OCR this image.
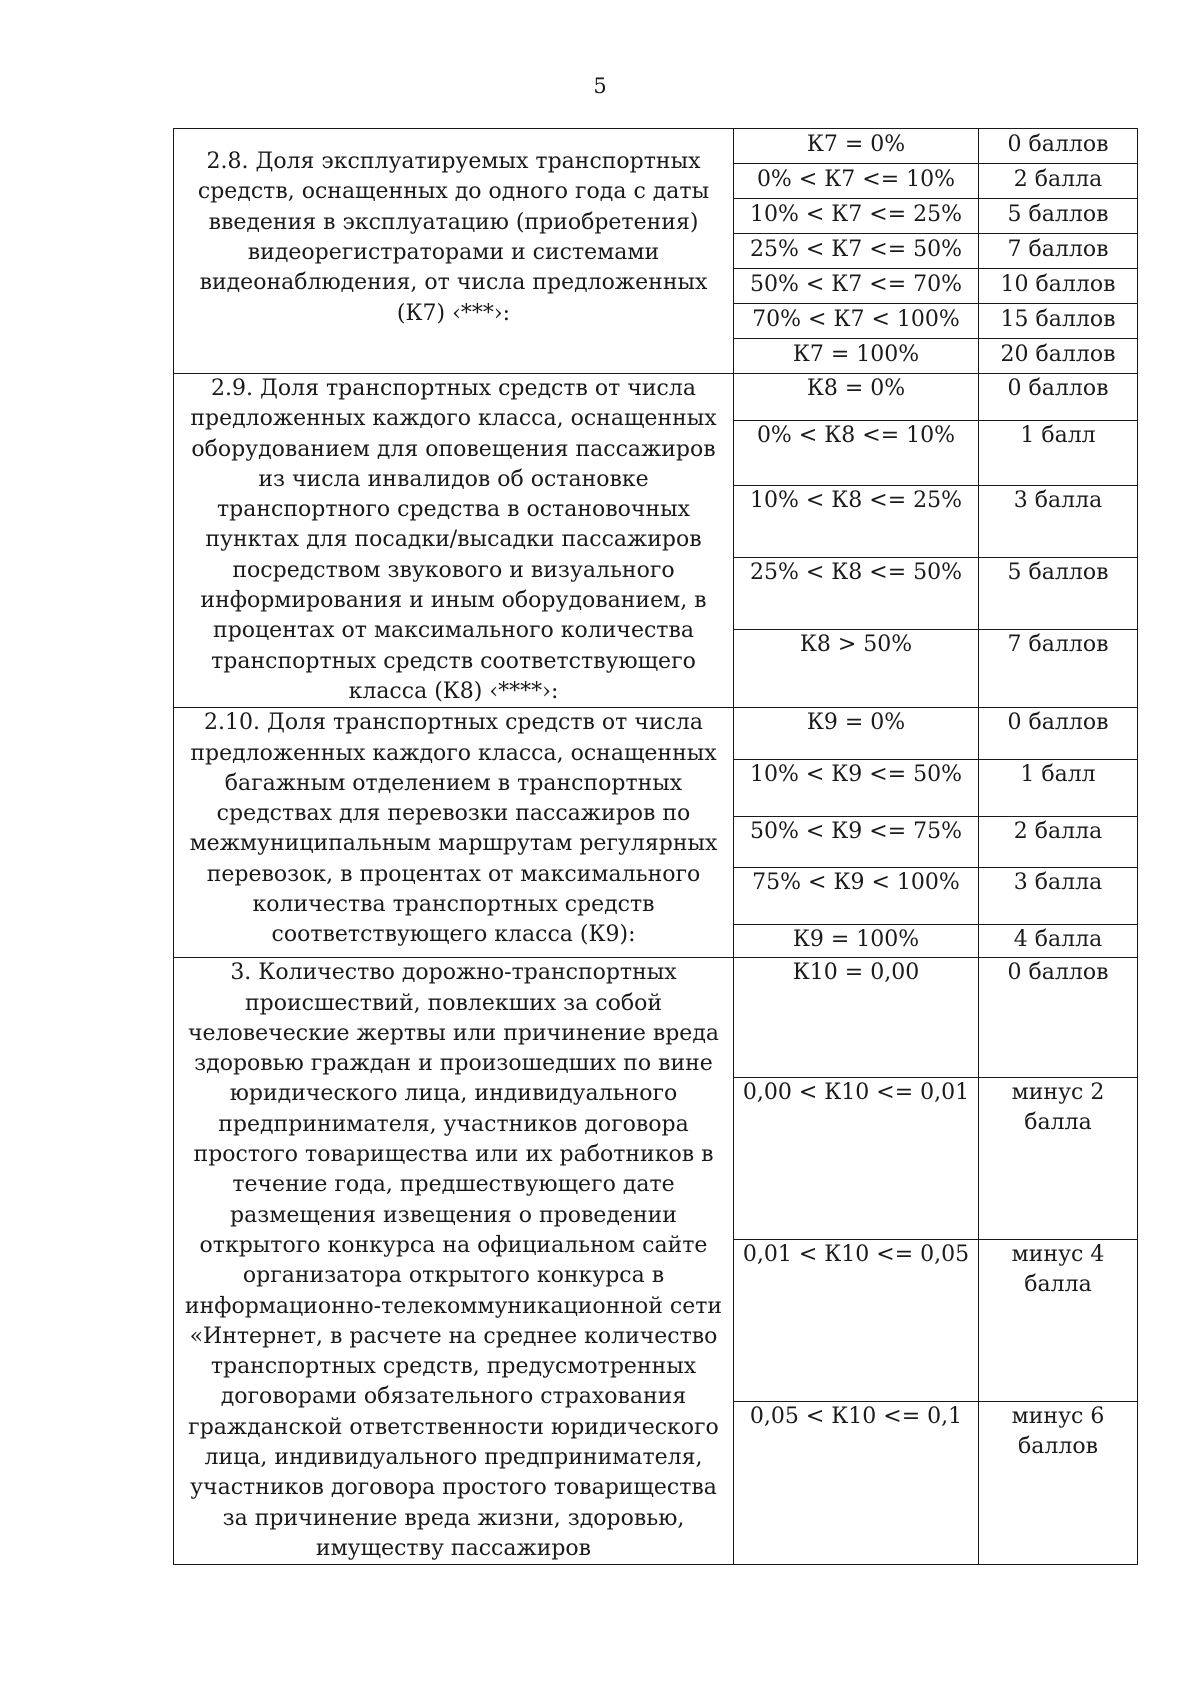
5
2.8. Доля эксплуатируемых транспортных средств, оснащенных до одного года с даты введения в эксплуатацию (приобретения) видеорегистраторами и системами видеонаблюдения, от числа предложенных (К7) ‹***›:	К7 = 0%	0 баллов
	0% < К7 <= 10%	2 балла
	10% < К7 <= 25%	5 баллов
	25% < К7 <= 50%	7 баллов
	50% < К7 <= 70%	10 баллов
	70% < К7 < 100%	15 баллов
	К7 = 100%	20 баллов
2.9. Доля транспортных средств от числа предложенных каждого класса, оснащенных оборудованием для оповещения пассажиров из числа инвалидов об остановке транспортного средства в остановочных пунктах для посадки/высадки пассажиров посредством звукового и визуального информирования и иным оборудованием, в процентах от максимального количества транспортных средств соответствующего класса (К8) ‹****›:	К8 = 0%	0 баллов
	0% < К8 <= 10%	1 балл
	10% < К8 <= 25%	3 балла
	25% < К8 <= 50%	5 баллов
	К8 > 50%	7 баллов
2.10. Доля транспортных средств от числа предложенных каждого класса, оснащенных багажным отделением в транспортных средствах для перевозки пассажиров по межмуниципальным маршрутам регулярных перевозок, в процентах от максимального количества транспортных средств соответствующего класса (К9):	К9 = 0%	0 баллов
	10% < К9 <= 50%	1 балл
	50% < К9 <= 75%	2 балла
	75% < К9 < 100%	3 балла
	К9 = 100%	4 балла
3. Количество дорожно-транспортных происшествий, повлекших за собой человеческие жертвы или причинение вреда здоровью граждан и произошедших по вине юридического лица, индивидуального предпринимателя, участников договора простого товарищества или их работников в течение года, предшествующего дате размещения извещения о проведении открытого конкурса на официальном сайте организатора открытого конкурса в информационно-телекоммуникационной сети «Интернет, в расчете на среднее количество транспортных средств, предусмотренных договорами обязательного страхования гражданской ответственности юридического лица, индивидуального предпринимателя, участников договора простого товарищества за причинение вреда жизни, здоровью, имуществу пассажиров	К10 = 0,00	0 баллов
	0,00 < К10 <= 0,01	минус 2 балла
	0,01 < К10 <= 0,05	минус 4 балла
	0,05 < К10 <= 0,1	минус 6 баллов
